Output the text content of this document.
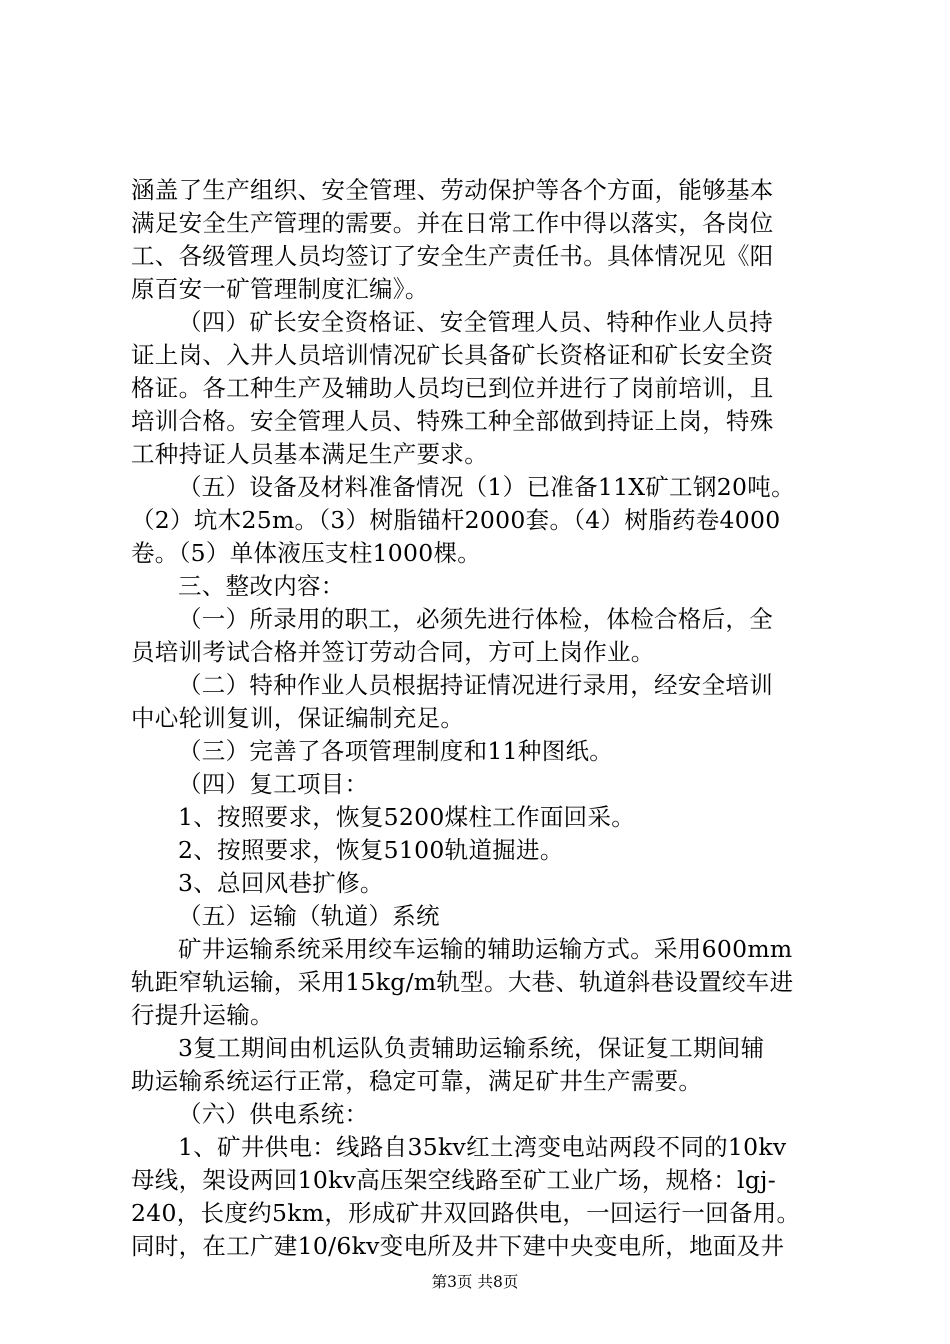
涵盖了生产组织、安全管理、劳动保护等各个方面，能够基本
满足安全生产管理的需要。并在日常工作中得以落实，各岗位
工、各级管理人员均签订了安全生产责任书。具体情况见《阳
原百安一矿管理制度汇编》。
（四）矿长安全资格证、安全管理人员、特种作业人员持
证上岗、入井人员培训情况矿长具备矿长资格证和矿长安全资
格证。各工种生产及辅助人员均已到位并进行了岗前培训，且
培训合格。安全管理人员、特殊工种全部做到持证上岗，特殊
工种持证人员基本满足生产要求。
（五）设备及材料准备情况（1）已准备11X矿工钢20吨。
（2）坑木25m。（3）树脂锚杆2000套。（4）树脂药卷4000
卷。（5）单体液压支柱1000棵。
三、整改内容：
（一）所录用的职工，必须先进行体检，体检合格后，全
员培训考试合格并签订劳动合同，方可上岗作业。
（二）特种作业人员根据持证情况进行录用，经安全培训
中心轮训复训，保证编制充足。
（三）完善了各项管理制度和11种图纸。
（四）复工项目：
1、按照要求，恢复5200煤柱工作面回采。
2、按照要求，恢复5100轨道掘进。
3、总回风巷扩修。
（五）运输（轨道）系统
矿井运输系统采用绞车运输的辅助运输方式。采用600mm
轨距窄轨运输，采用15kg/m轨型。大巷、轨道斜巷设置绞车进
行提升运输。
3复工期间由机运队负责辅助运输系统，保证复工期间辅
助运输系统运行正常，稳定可靠，满足矿井生产需要。
（六）供电系统：
1、矿井供电：线路自35kv红土湾变电站两段不同的10kv
母线，架设两回10kv高压架空线路至矿工业广场，规格：lgj-
240，长度约5km，形成矿井双回路供电，一回运行一回备用。
同时，在工广建10/6kv变电所及井下建中央变电所，地面及井
第3页 共8页
